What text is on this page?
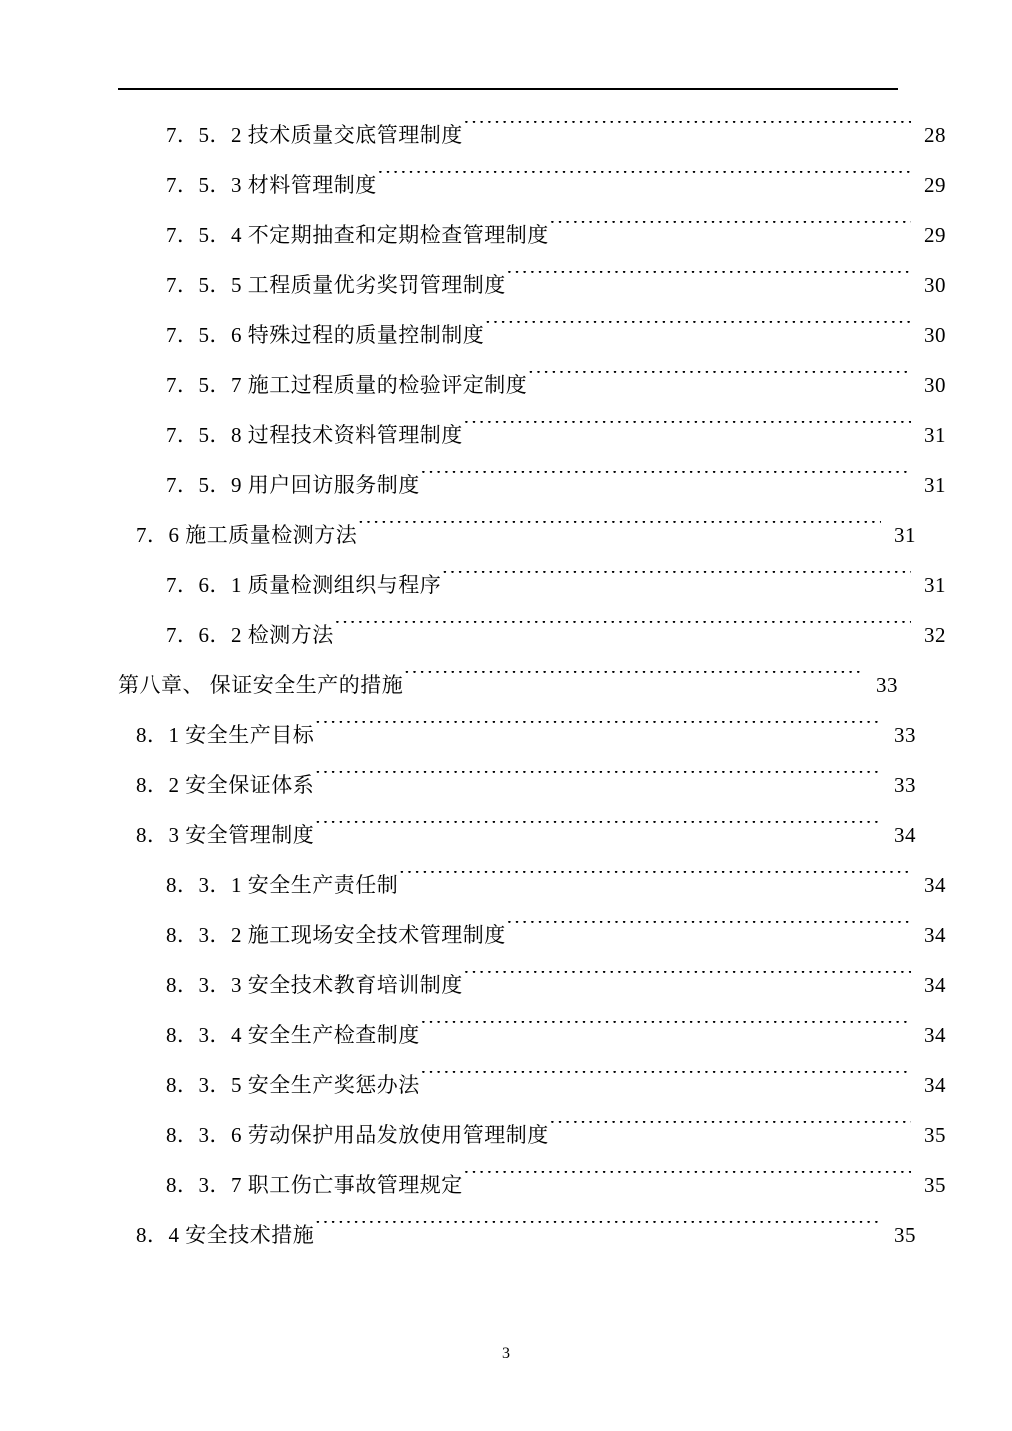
7．5．2 技术质量交底管理制度 .....	28
7．5．3 材料管理制度 .....	29
7．5．4 不定期抽查和定期检查管理制度 .....	29
7．5．5 工程质量优劣奖罚管理制度 .....	30
7．5．6 特殊过程的质量控制制度 .....	30
7．5．7 施工过程质量的检验评定制度 .....	30
7．5．8 过程技术资料管理制度 .....	31
7．5．9 用户回访服务制度 .....	31
7．6 施工质量检测方法 .....	31
7．6．1 质量检测组织与程序 .....	31
7．6．2 检测方法 .....	32
第八章、 保证安全生产的措施 .....	33
8．1 安全生产目标 .....	33
8．2 安全保证体系 .....	33
8．3 安全管理制度 .....	34
8．3．1 安全生产责任制 .....	34
8．3．2 施工现场安全技术管理制度 .....	34
8．3．3 安全技术教育培训制度 .....	34
8．3．4 安全生产检查制度 .....	34
8．3．5 安全生产奖惩办法 .....	34
8．3．6 劳动保护用品发放使用管理制度 .....	35
8．3．7 职工伤亡事故管理规定 .....	35
8．4 安全技术措施 .....	35
3
